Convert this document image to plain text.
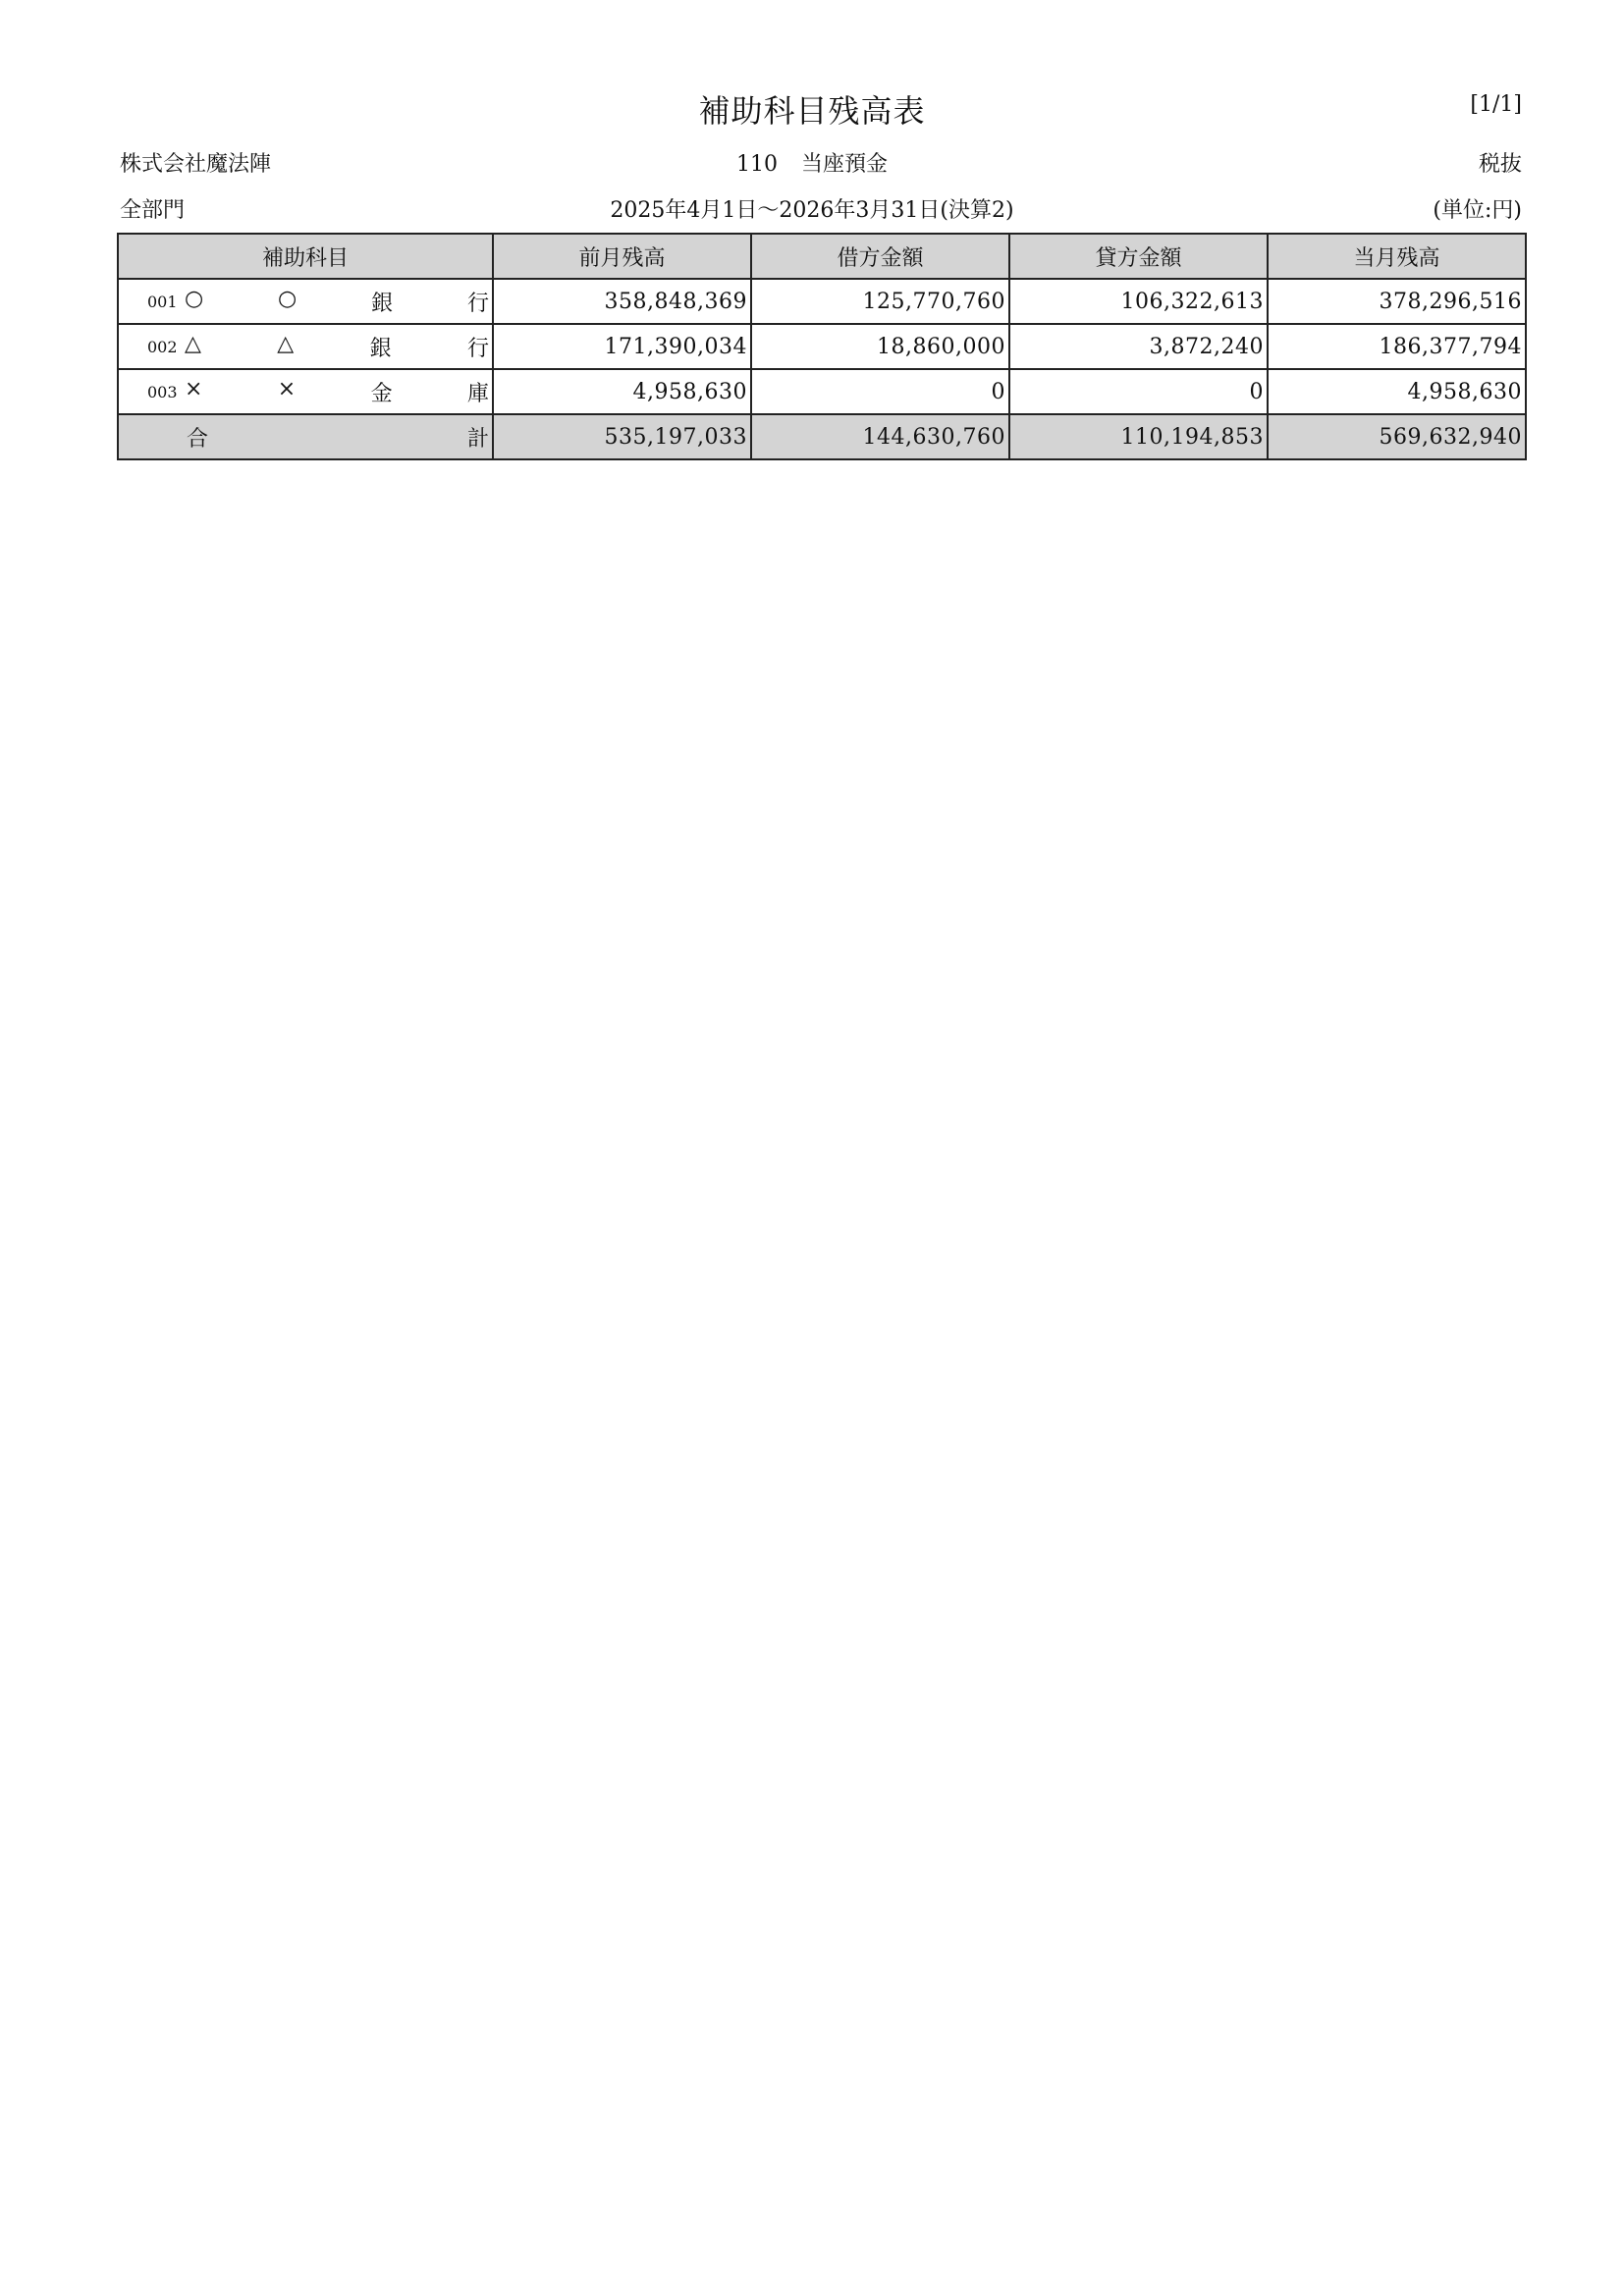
補助科目残高表	[1/1]
株式会社魔法陣	110 当座預金	税抜
全部門	2025年4月1日～2026年3月31日(決算2)	(単位:円)
補助科目	前月残高	借方金額	貸方金額	当月残高

001 ○ ○ 銀 行	358,848,369	125,770,760	106,322,613	378,296,516

002 △ △ 銀 行	171,390,034	18,860,000	3,872,240	186,377,794

003 × × 金 庫	4,958,630	0	0	4,958,630

合 計	535,197,033	144,630,760	110,194,853	569,632,940
